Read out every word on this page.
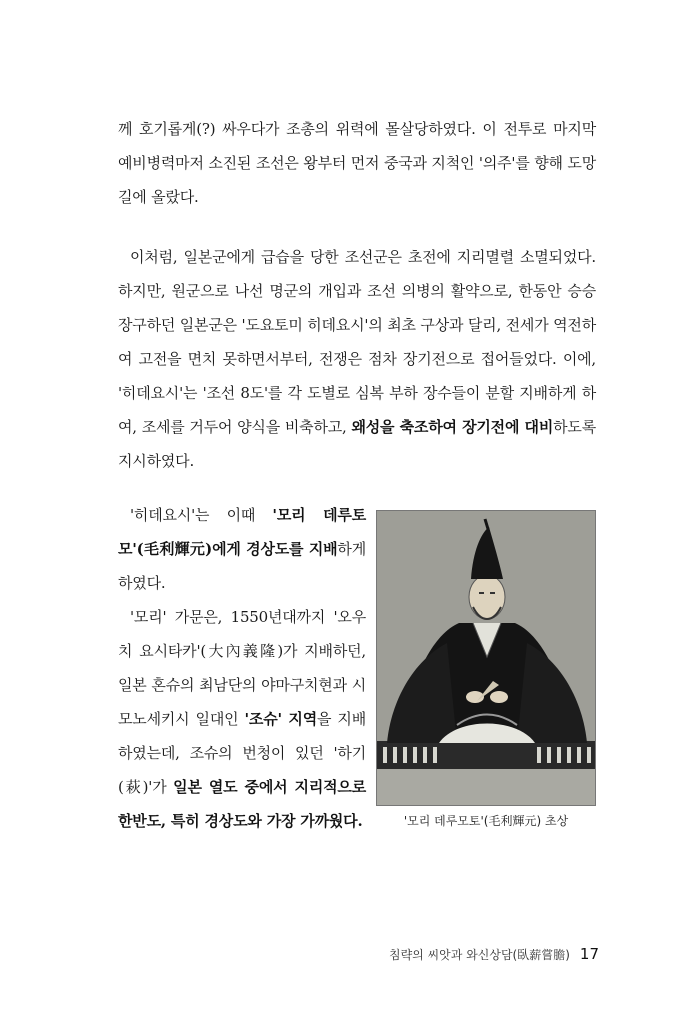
께 호기롭게(?) 싸우다가 조총의 위력에 몰살당하였다. 이 전투로 마지막 예비병력마저 소진된 조선은 왕부터 먼저 중국과 지척인 '의주'를 향해 도망 길에 올랐다.

이처럼, 일본군에게 급습을 당한 조선군은 초전에 지리멸렬 소멸되었다. 하지만, 원군으로 나선 명군의 개입과 조선 의병의 활약으로, 한동안 승승장구하던 일본군은 '도요토미 히데요시'의 최초 구상과 달리, 전세가 역전하여 고전을 면치 못하면서부터, 전쟁은 점차 장기전으로 접어들었다. 이에, '히데요시'는 '조선 8도'를 각 도별로 심복 부하 장수들이 분할 지배하게 하여, 조세를 거두어 양식을 비축하고, 왜성을 축조하여 장기전에 대비하도록 지시하였다.

'히데요시'는 이때 '모리 데루토모'(毛利輝元)에게 경상도를 지배하게 하였다.

'모리' 가문은, 1550년대까지 '오우치 요시타카'(大內義隆)가 지배하던, 일본 혼슈의 최남단의 야마구치현과 시모노세키시 일대인 '조슈' 지역을 지배하였는데, 조슈의 번청이 있던 '하기(萩)'가 일본 열도 중에서 지리적으로 한반도, 특히 경상도와 가장 가까웠다.	'모리 데루모토'(毛利輝元) 초상
침략의 씨앗과 와신상담(臥薪嘗膽) 17
